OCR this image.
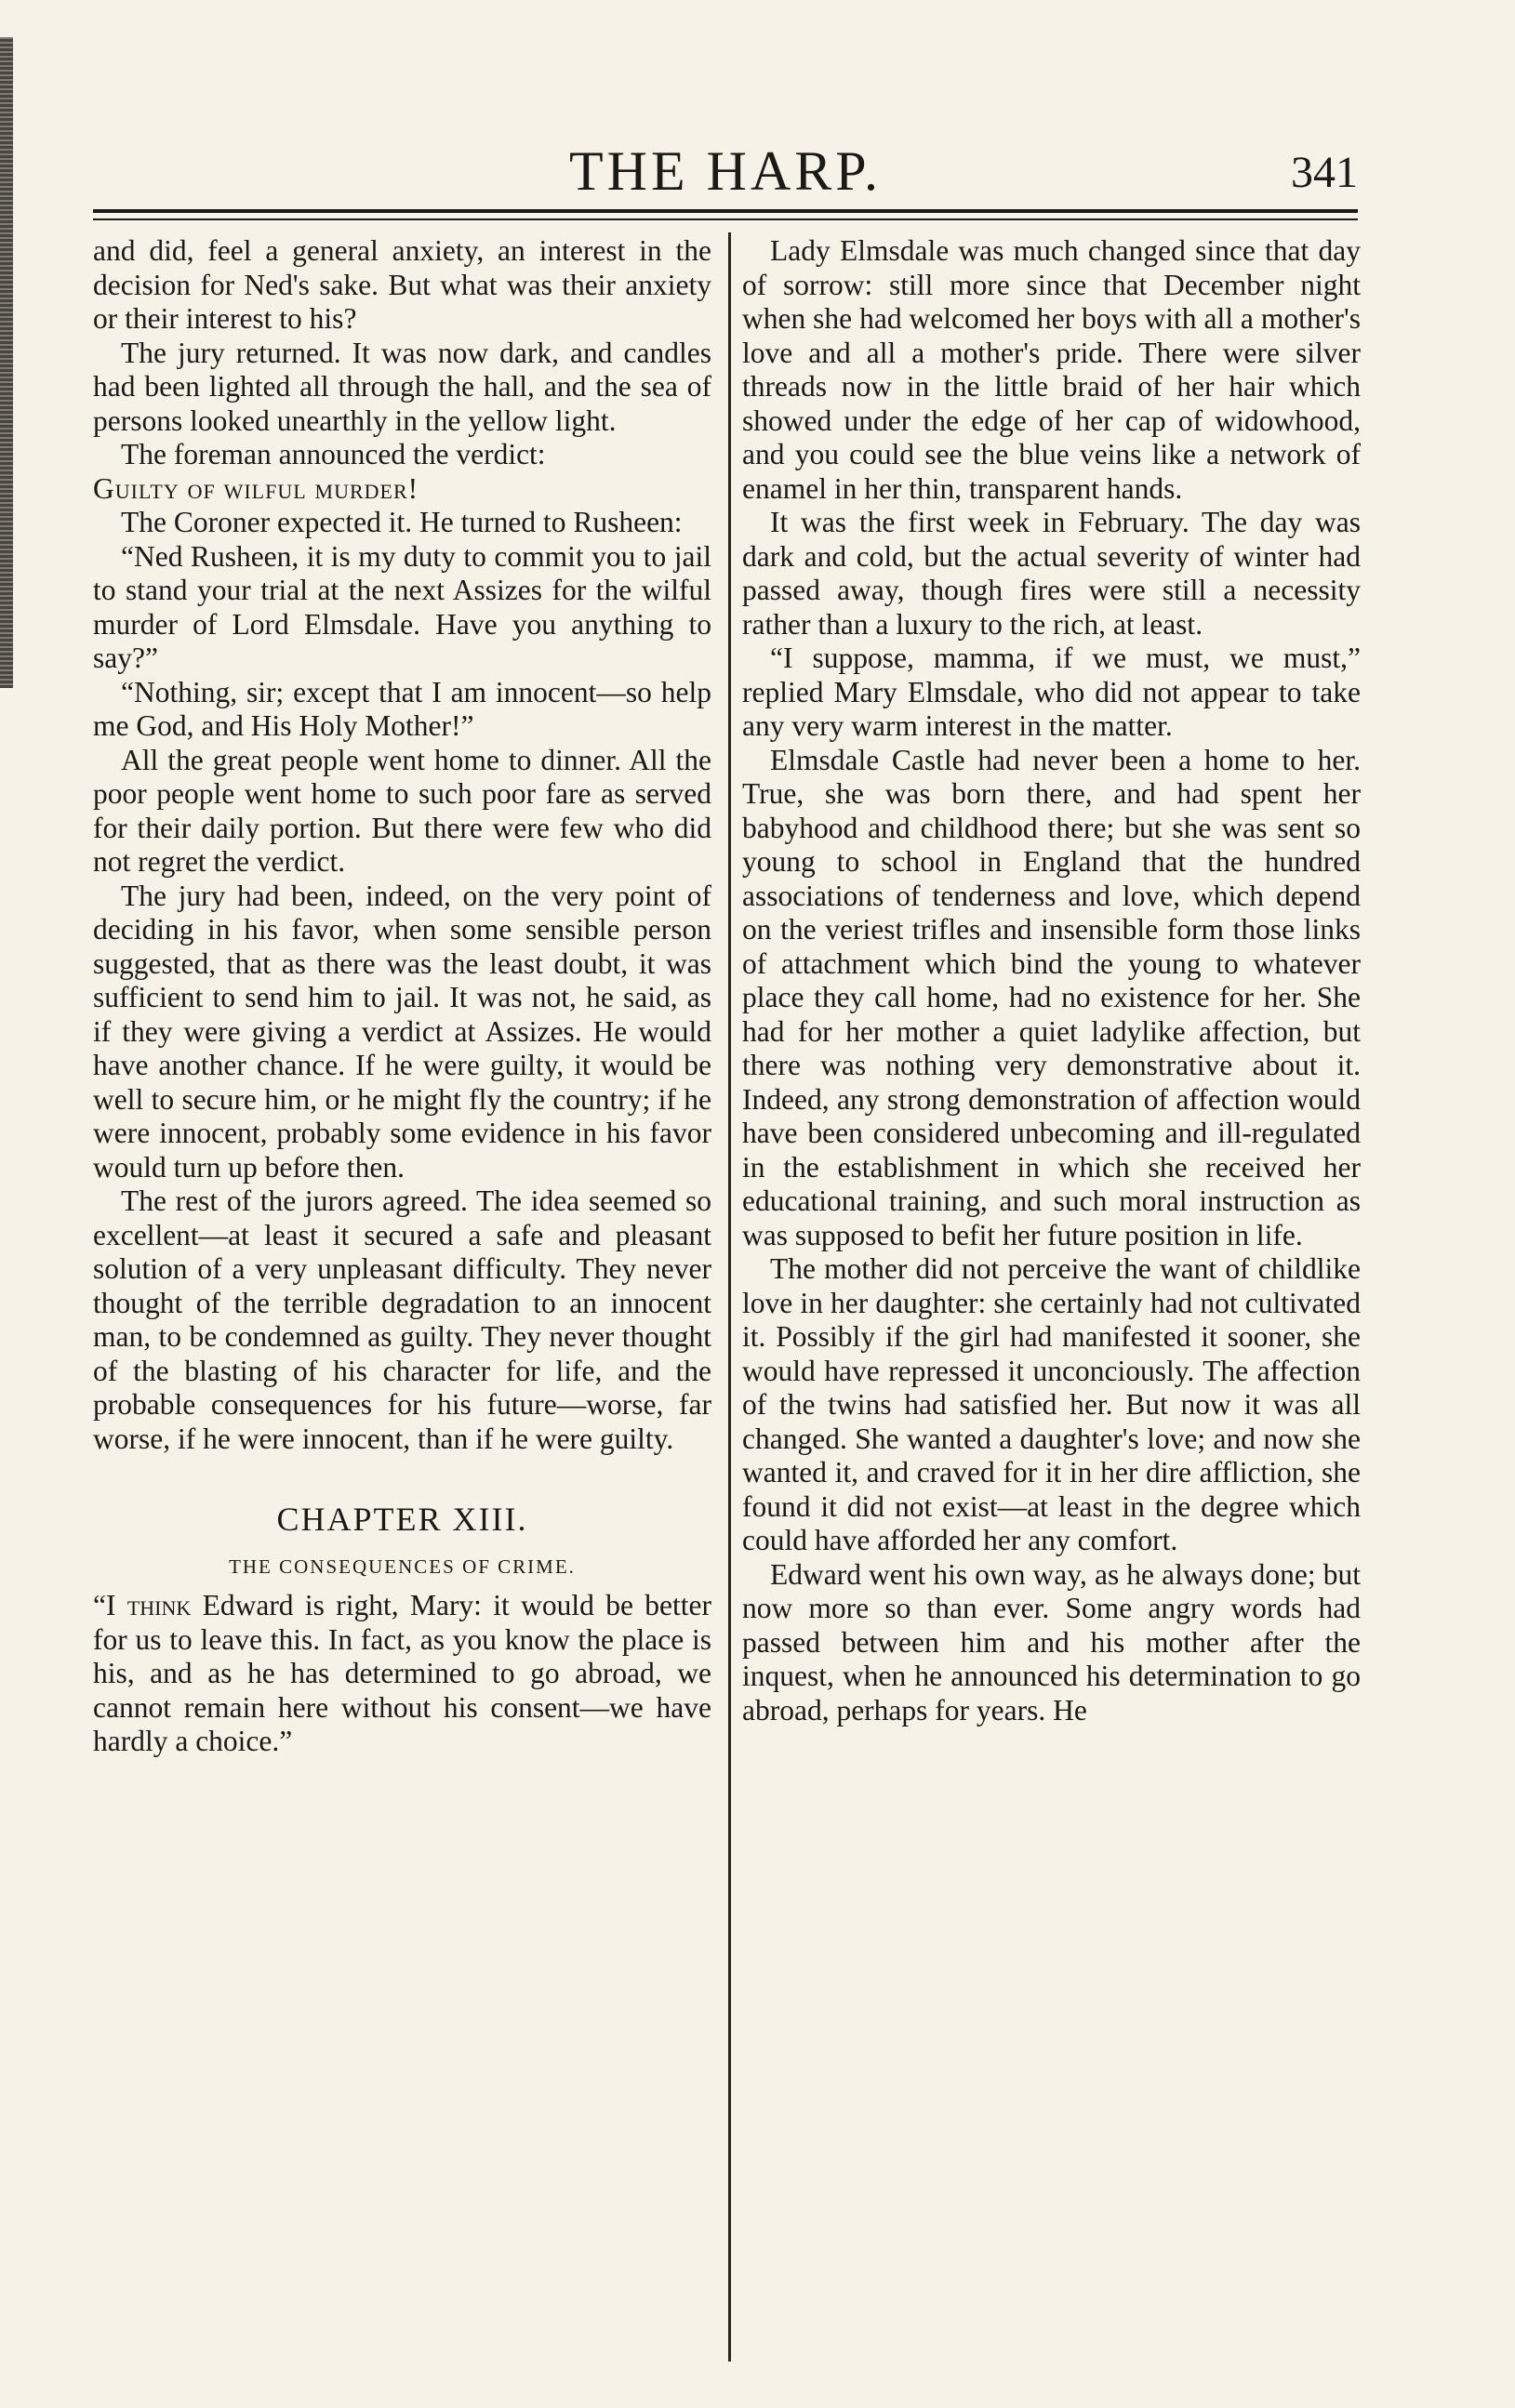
THE HARP.	341

and did, feel a general anxiety, an interest in the decision for Ned's sake. But what was their anxiety or their interest to his?

The jury returned. It was now dark, and candles had been lighted all through the hall, and the sea of persons looked unearthly in the yellow light.

The foreman announced the verdict:

Guilty of wilful murder!

The Coroner expected it. He turned to Rusheen:

“Ned Rusheen, it is my duty to commit you to jail to stand your trial at the next Assizes for the wilful murder of Lord Elmsdale. Have you anything to say?”

“Nothing, sir; except that I am innocent—so help me God, and His Holy Mother!”

All the great people went home to dinner. All the poor people went home to such poor fare as served for their daily portion. But there were few who did not regret the verdict.

The jury had been, indeed, on the very point of deciding in his favor, when some sensible person suggested, that as there was the least doubt, it was sufficient to send him to jail. It was not, he said, as if they were giving a verdict at Assizes. He would have another chance. If he were guilty, it would be well to secure him, or he might fly the country; if he were innocent, probably some evidence in his favor would turn up before then.

The rest of the jurors agreed. The idea seemed so excellent—at least it secured a safe and pleasant solution of a very unpleasant difficulty. They never thought of the terrible degradation to an innocent man, to be condemned as guilty. They never thought of the blasting of his character for life, and the probable consequences for his future—worse, far worse, if he were innocent, than if he were guilty.

CHAPTER XIII.
THE CONSEQUENCES OF CRIME.

“I think Edward is right, Mary: it would be better for us to leave this. In fact, as you know the place is his, and as he has determined to go abroad, we cannot remain here without his consent—we have hardly a choice.”

Lady Elmsdale was much changed since that day of sorrow: still more since that December night when she had welcomed her boys with all a mother's love and all a mother's pride. There were silver threads now in the little braid of her hair which showed under the edge of her cap of widowhood, and you could see the blue veins like a network of enamel in her thin, transparent hands.

It was the first week in February. The day was dark and cold, but the actual severity of winter had passed away, though fires were still a necessity rather than a luxury to the rich, at least.

“I suppose, mamma, if we must, we must,” replied Mary Elmsdale, who did not appear to take any very warm interest in the matter.

Elmsdale Castle had never been a home to her. True, she was born there, and had spent her babyhood and childhood there; but she was sent so young to school in England that the hundred associations of tenderness and love, which depend on the veriest trifles and insensible form those links of attachment which bind the young to whatever place they call home, had no existence for her. She had for her mother a quiet ladylike affection, but there was nothing very demonstrative about it. Indeed, any strong demonstration of affection would have been considered unbecoming and ill-regulated in the establishment in which she received her educational training, and such moral instruction as was supposed to befit her future position in life.

The mother did not perceive the want of childlike love in her daughter: she certainly had not cultivated it. Possibly if the girl had manifested it sooner, she would have repressed it unconciously. The affection of the twins had satisfied her. But now it was all changed. She wanted a daughter's love; and now she wanted it, and craved for it in her dire affliction, she found it did not exist—at least in the degree which could have afforded her any comfort.

Edward went his own way, as he always done; but now more so than ever. Some angry words had passed between him and his mother after the inquest, when he announced his determination to go abroad, perhaps for years. He
